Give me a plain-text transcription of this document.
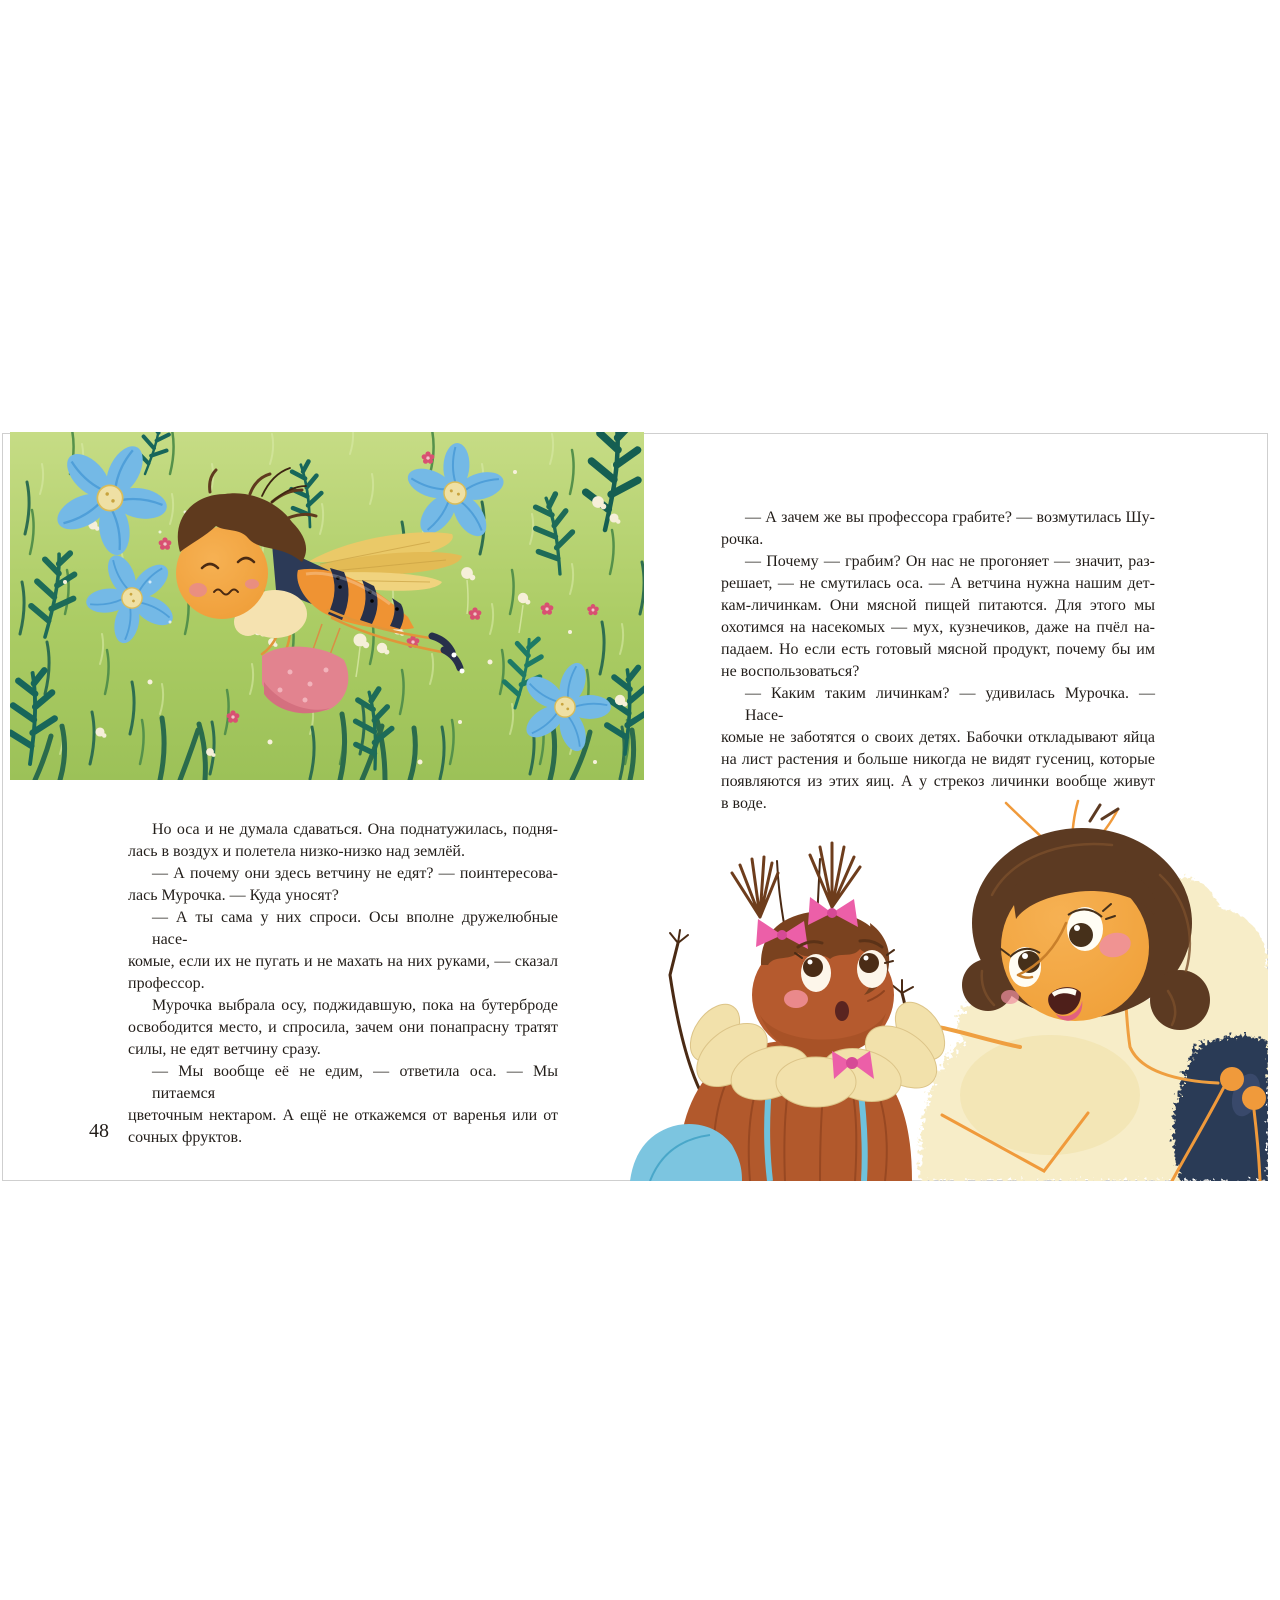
Но оса и не думала сдаваться. Она поднатужилась, подня-
лась в воздух и полетела низко-низко над землёй.
— А почему они здесь ветчину не едят? — поинтересова-
лась Мурочка. — Куда уносят?
— А ты сама у них спроси. Осы вполне дружелюбные насе-
комые, если их не пугать и не махать на них руками, — сказал
профессор.
Мурочка выбрала осу, поджидавшую, пока на бутерброде
освободится место, и спросила, зачем они понапрасну тратят
силы, не едят ветчину сразу.
— Мы вообще её не едим, — ответила оса. — Мы питаемся
цветочным нектаром. А ещё не откажемся от варенья или от
сочных фруктов.
48
— А зачем же вы профессора грабите? — возмутилась Шу-
рочка.
— Почему — грабим? Он нас не прогоняет — значит, раз-
решает, — не смутилась оса. — А ветчина нужна нашим дет-
кам-личинкам. Они мясной пищей питаются. Для этого мы
охотимся на насекомых — мух, кузнечиков, даже на пчёл на-
падаем. Но если есть готовый мясной продукт, почему бы им
не воспользоваться?
— Каким таким личинкам? — удивилась Мурочка. — Насе-
комые не заботятся о своих детях. Бабочки откладывают яйца
на лист растения и больше никогда не видят гусениц, которые
появляются из этих яиц. А у стрекоз личинки вообще живут
в воде.
